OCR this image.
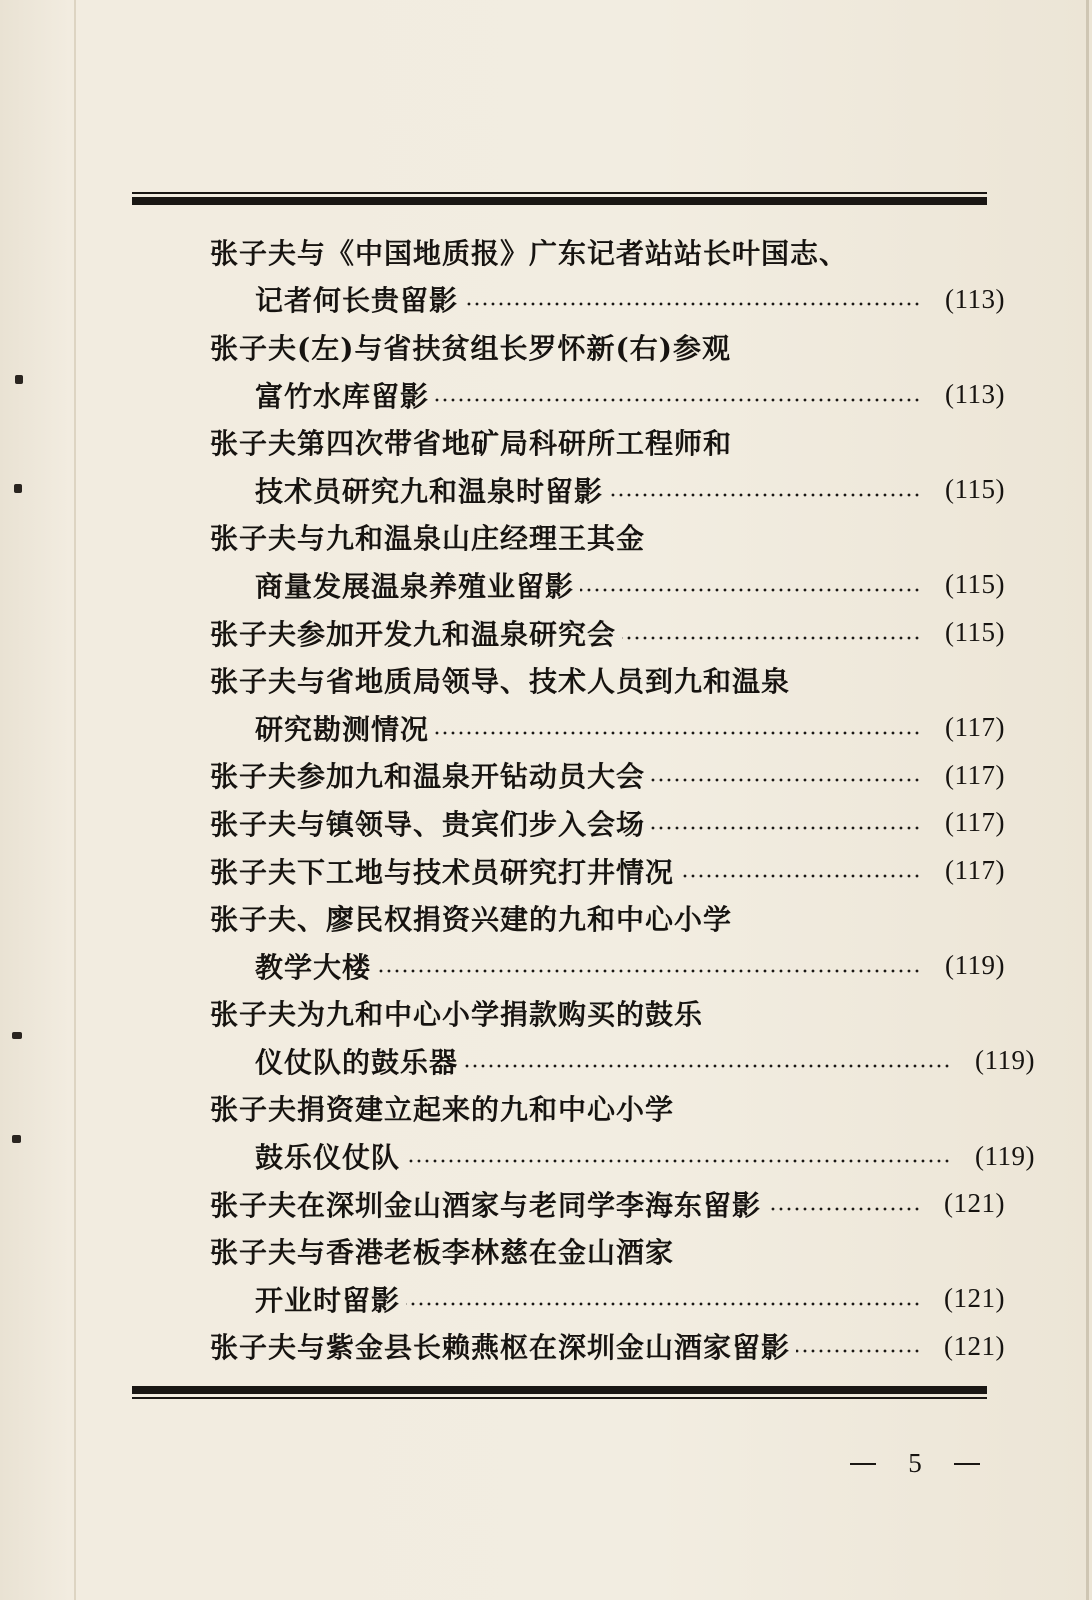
张子夫与《中国地质报》广东记者站站长叶国志、
记者何长贵留影	(113)
张子夫(左)与省扶贫组长罗怀新(右)参观
富竹水库留影	(113)
张子夫第四次带省地矿局科研所工程师和
技术员研究九和温泉时留影	(115)
张子夫与九和温泉山庄经理王其金
商量发展温泉养殖业留影	(115)
张子夫参加开发九和温泉研究会	(115)
张子夫与省地质局领导、技术人员到九和温泉
研究勘测情况	(117)
张子夫参加九和温泉开钻动员大会	(117)
张子夫与镇领导、贵宾们步入会场	(117)
张子夫下工地与技术员研究打井情况	(117)
张子夫、廖民权捐资兴建的九和中心小学
教学大楼	(119)
张子夫为九和中心小学捐款购买的鼓乐
仪仗队的鼓乐器	(119)
张子夫捐资建立起来的九和中心小学
鼓乐仪仗队	(119)
张子夫在深圳金山酒家与老同学李海东留影	(121)
张子夫与香港老板李林慈在金山酒家
开业时留影	(121)
张子夫与紫金县长赖燕枢在深圳金山酒家留影	(121)
5
